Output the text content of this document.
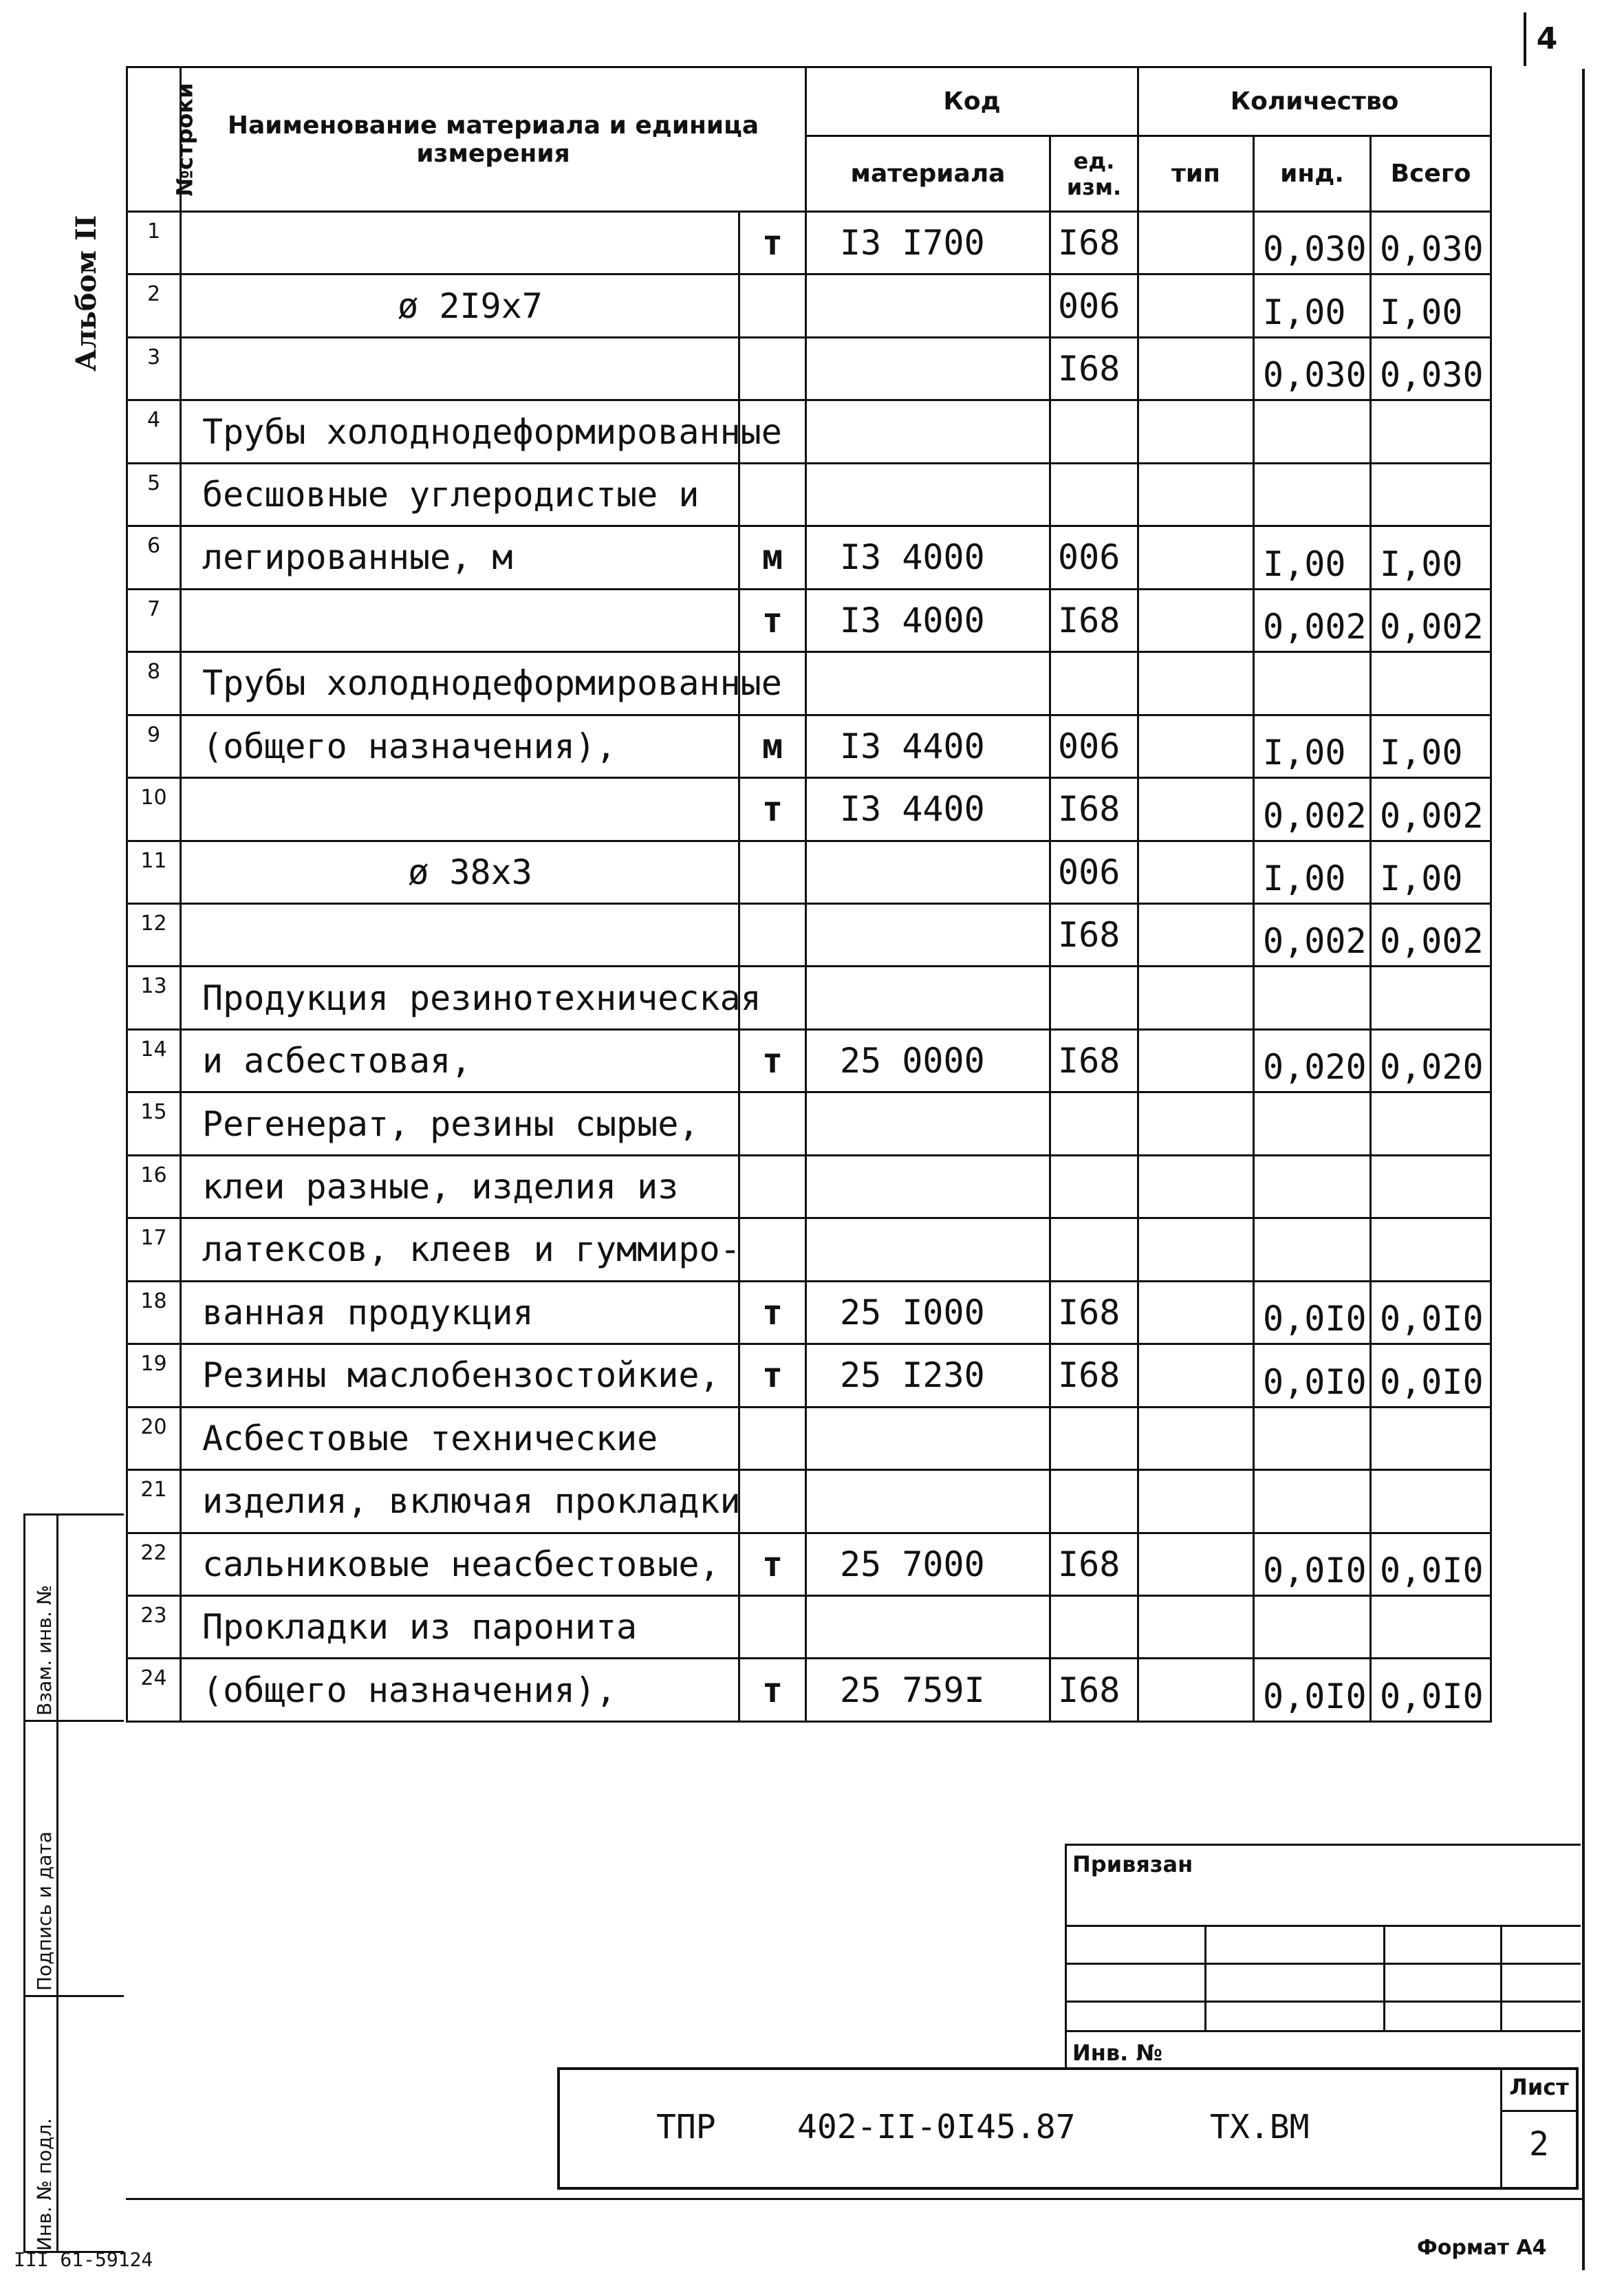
4
Альбом II
№строки	Наименование материала и единица измерения		Код		Количество			
			материала	ед. изм.	тип	инд.	Всего	
1		т	I3 I700	I68		0,030	0,030	
2	ø 2I9x7			006		I,00	I,00	
3				I68		0,030	0,030	
4	Трубы холоднодеформированные							
5	бесшовные углеродистые и							
6	легированные, м	м	I3 4000	006		I,00	I,00	
7		т	I3 4000	I68		0,002	0,002	
8	Трубы холоднодеформированные							
9	(общего назначения),	м	I3 4400	006		I,00	I,00	
10		т	I3 4400	I68		0,002	0,002	
11	ø 38x3			006		I,00	I,00	
12				I68		0,002	0,002	
13	Продукция резинотехническая							
14	и асбестовая,	т	25 0000	I68		0,020	0,020	
15	Регенерат, резины сырые,							
16	клеи разные, изделия из							
17	латексов, клеев и гуммиро-							
18	ванная продукция	т	25 I000	I68		0,0I0	0,0I0	
19	Резины маслобензостойкие,	т	25 I230	I68		0,0I0	0,0I0	
20	Асбестовые технические							
21	изделия, включая прокладки							
22	сальниковые неасбестовые,	т	25 7000	I68		0,0I0	0,0I0	
23	Прокладки из паронита							
24	(общего назначения),	т	25 759I	I68		0,0I0	0,0I0	
Взам. инв. №
Подпись и дата
Инв. № подл.
Привязан
Инв. №
ТПР 402-II-0I45.87	ТХ.ВМ
Лист
2
III 61-59124	Формат А4
